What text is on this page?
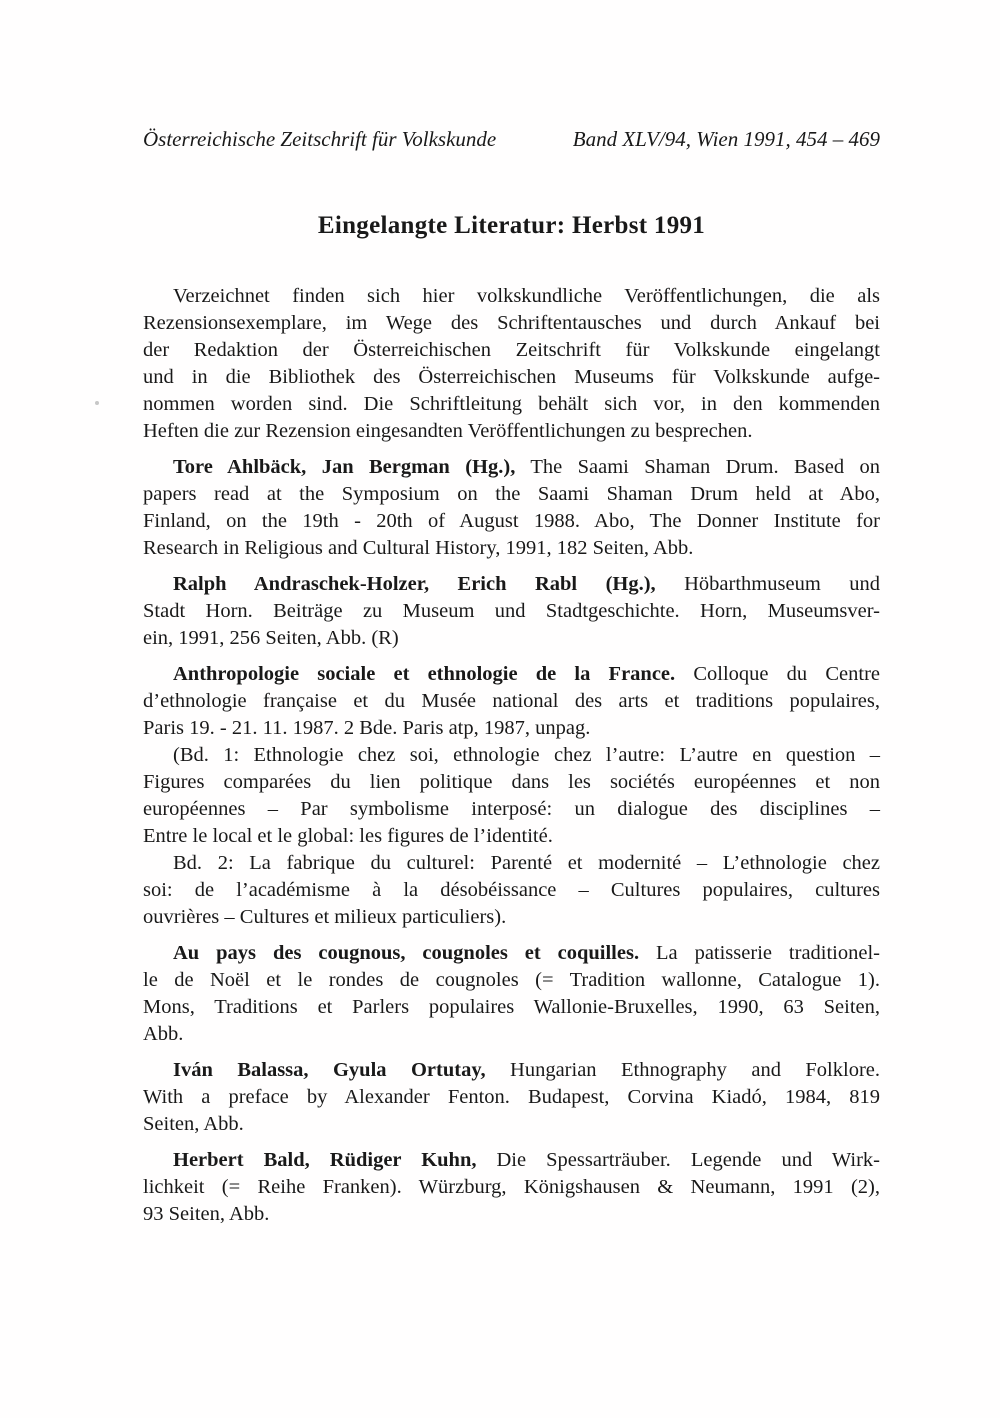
Österreichische Zeitschrift für Volkskunde	Band XLV/94, Wien 1991, 454 – 469
Eingelangte Literatur: Herbst 1991
Verzeichnet finden sich hier volkskundliche Veröffentlichungen, die als
Rezensionsexemplare, im Wege des Schriftentausches und durch Ankauf bei
der Redaktion der Österreichischen Zeitschrift für Volkskunde eingelangt
und in die Bibliothek des Österreichischen Museums für Volkskunde aufge-
nommen worden sind. Die Schriftleitung behält sich vor, in den kommenden
Heften die zur Rezension eingesandten Veröffentlichungen zu besprechen.
Tore Ahlbäck, Jan Bergman (Hg.), The Saami Shaman Drum. Based on
papers read at the Symposium on the Saami Shaman Drum held at Abo,
Finland, on the 19th - 20th of August 1988. Abo, The Donner Institute for
Research in Religious and Cultural History, 1991, 182 Seiten, Abb.
Ralph Andraschek-Holzer, Erich Rabl (Hg.), Höbarthmuseum und
Stadt Horn. Beiträge zu Museum und Stadtgeschichte. Horn, Museumsver-
ein, 1991, 256 Seiten, Abb. (R)
Anthropologie sociale et ethnologie de la France. Colloque du Centre
d’ethnologie française et du Musée national des arts et traditions populaires,
Paris 19. - 21. 11. 1987. 2 Bde. Paris atp, 1987, unpag.
(Bd. 1: Ethnologie chez soi, ethnologie chez l’autre: L’autre en question –
Figures comparées du lien politique dans les sociétés européennes et non
européennes – Par symbolisme interposé: un dialogue des disciplines –
Entre le local et le global: les figures de l’identité.
Bd. 2: La fabrique du culturel: Parenté et modernité – L’ethnologie chez
soi: de l’académisme à la désobéissance – Cultures populaires, cultures
ouvrières – Cultures et milieux particuliers).
Au pays des cougnous, cougnoles et coquilles. La patisserie traditionel-
le de Noël et le rondes de cougnoles (= Tradition wallonne, Catalogue 1).
Mons, Traditions et Parlers populaires Wallonie-Bruxelles, 1990, 63 Seiten,
Abb.
Iván Balassa, Gyula Ortutay, Hungarian Ethnography and Folklore.
With a preface by Alexander Fenton. Budapest, Corvina Kiadó, 1984, 819
Seiten, Abb.
Herbert Bald, Rüdiger Kuhn, Die Spessarträuber. Legende und Wirk-
lichkeit (= Reihe Franken). Würzburg, Königshausen & Neumann, 1991 (2),
93 Seiten, Abb.
